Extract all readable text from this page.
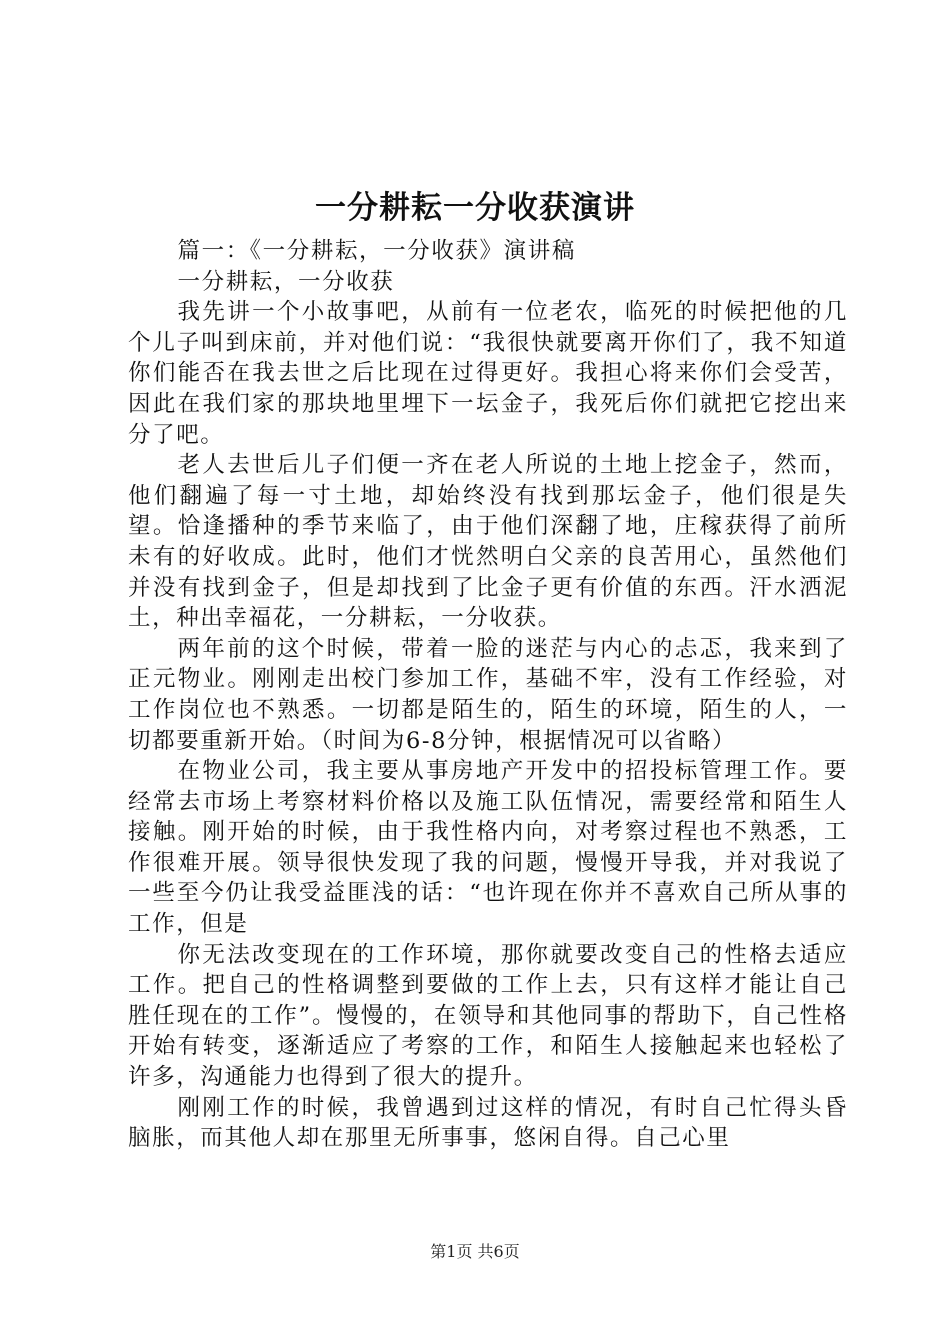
一分耕耘一分收获演讲

篇一：《一分耕耘，一分收获》演讲稿

一分耕耘，一分收获

我先讲一个小故事吧，从前有一位老农，临死的时候把他的几个儿子叫到床前，并对他们说：“我很快就要离开你们了，我不知道你们能否在我去世之后比现在过得更好。我担心将来你们会受苦，因此在我们家的那块地里埋下一坛金子，我死后你们就把它挖出来分了吧。

老人去世后儿子们便一齐在老人所说的土地上挖金子，然而，他们翻遍了每一寸土地，却始终没有找到那坛金子，他们很是失望。恰逢播种的季节来临了，由于他们深翻了地，庄稼获得了前所未有的好收成。此时，他们才恍然明白父亲的良苦用心，虽然他们并没有找到金子，但是却找到了比金子更有价值的东西。汗水洒泥土，种出幸福花，一分耕耘，一分收获。

两年前的这个时候，带着一脸的迷茫与内心的忐忑，我来到了正元物业。刚刚走出校门参加工作，基础不牢，没有工作经验，对工作岗位也不熟悉。一切都是陌生的，陌生的环境，陌生的人，一切都要重新开始。（时间为6-8分钟，根据情况可以省略）

在物业公司，我主要从事房地产开发中的招投标管理工作。要经常去市场上考察材料价格以及施工队伍情况，需要经常和陌生人接触。刚开始的时候，由于我性格内向，对考察过程也不熟悉，工作很难开展。领导很快发现了我的问题，慢慢开导我，并对我说了一些至今仍让我受益匪浅的话：“也许现在你并不喜欢自己所从事的工作，但是

你无法改变现在的工作环境，那你就要改变自己的性格去适应工作。把自己的性格调整到要做的工作上去，只有这样才能让自己胜任现在的工作”。慢慢的，在领导和其他同事的帮助下，自己性格开始有转变，逐渐适应了考察的工作，和陌生人接触起来也轻松了许多，沟通能力也得到了很大的提升。

刚刚工作的时候，我曾遇到过这样的情况，有时自己忙得头昏脑胀，而其他人却在那里无所事事，悠闲自得。自己心里

第1页 共6页
